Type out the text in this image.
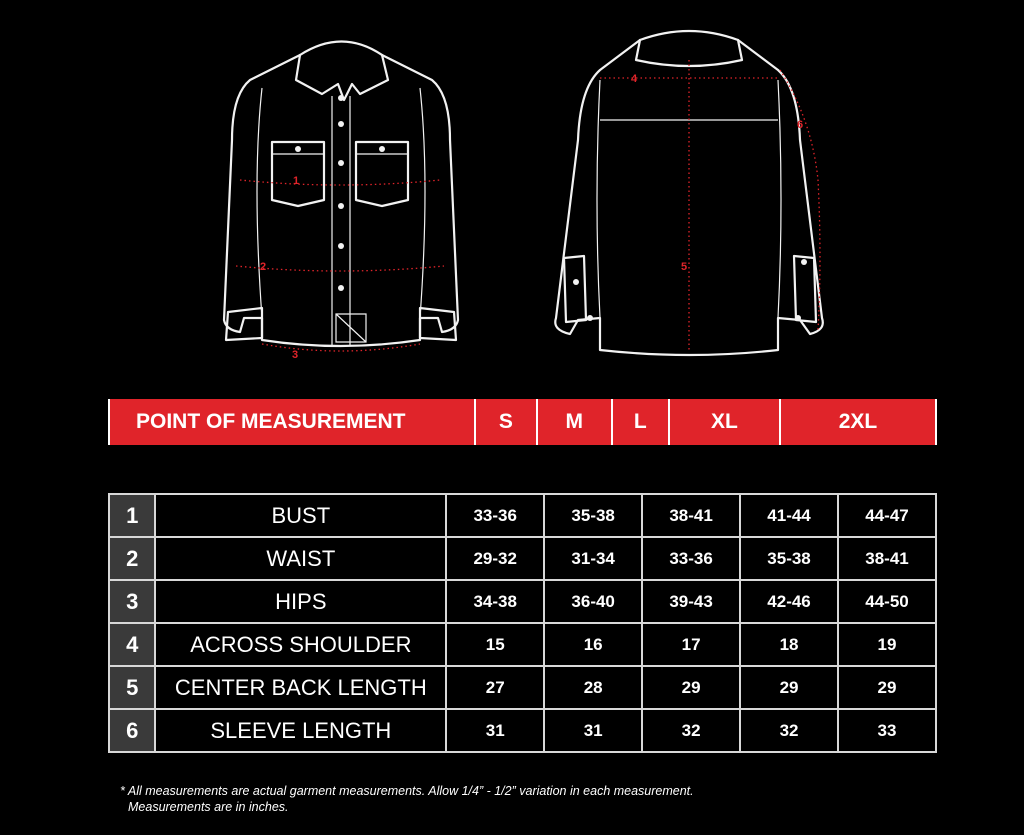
1
2
3
4
5
6
POINT OF MEASUREMENT	S	M	L	XL	2XL
1	BUST	33-36	35-38	38-41	41-44	44-47
2	WAIST	29-32	31-34	33-36	35-38	38-41
3	HIPS	34-38	36-40	39-43	42-46	44-50
4	ACROSS SHOULDER	15	16	17	18	19
5	CENTER BACK LENGTH	27	28	29	29	29
6	SLEEVE LENGTH	31	31	32	32	33
* All measurements are actual garment measurements. Allow 1/4” - 1/2” variation in each measurement.
Measurements are in inches.
